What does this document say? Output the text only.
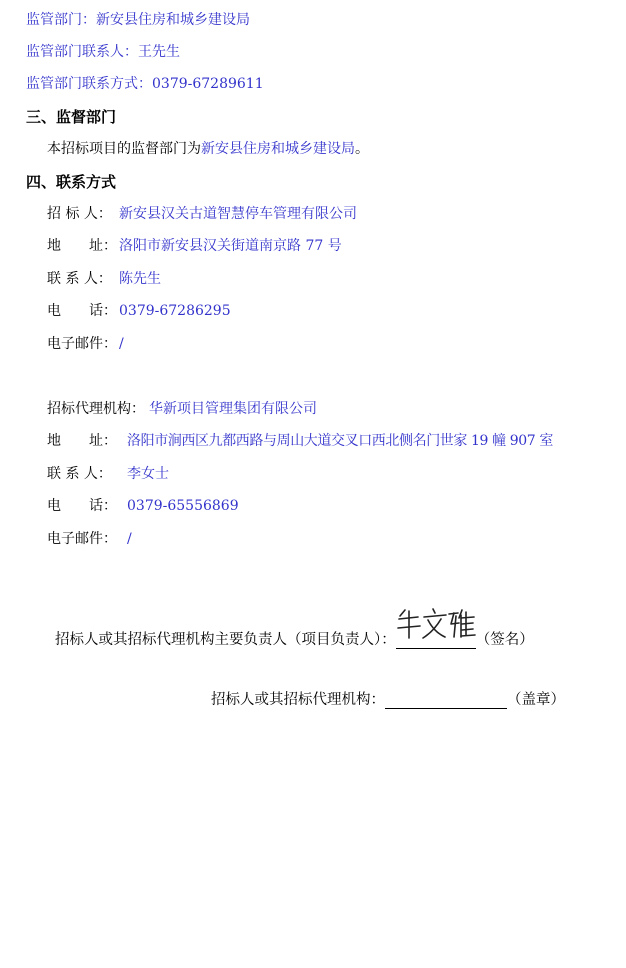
监管部门：新安县住房和城乡建设局
监管部门联系人：王先生
监管部门联系方式：0379-67289611
三、监督部门
本招标项目的监督部门为新安县住房和城乡建设局。
四、联系方式
招 标 人： 新安县汉关古道智慧停车管理有限公司
地　　址： 洛阳市新安县汉关街道南京路 77 号
联 系 人： 陈先生
电　　话： 0379-67286295
电子邮件： /
招标代理机构： 华新项目管理集团有限公司
地　　址： 洛阳市涧西区九都西路与周山大道交叉口西北侧名门世家 19 幢 907 室
联 系 人： 李女士
电　　话： 0379-65556869
电子邮件： /
招标人或其招标代理机构主要负责人（项目负责人）：	（签名）
招标人或其招标代理机构：	（盖章）
